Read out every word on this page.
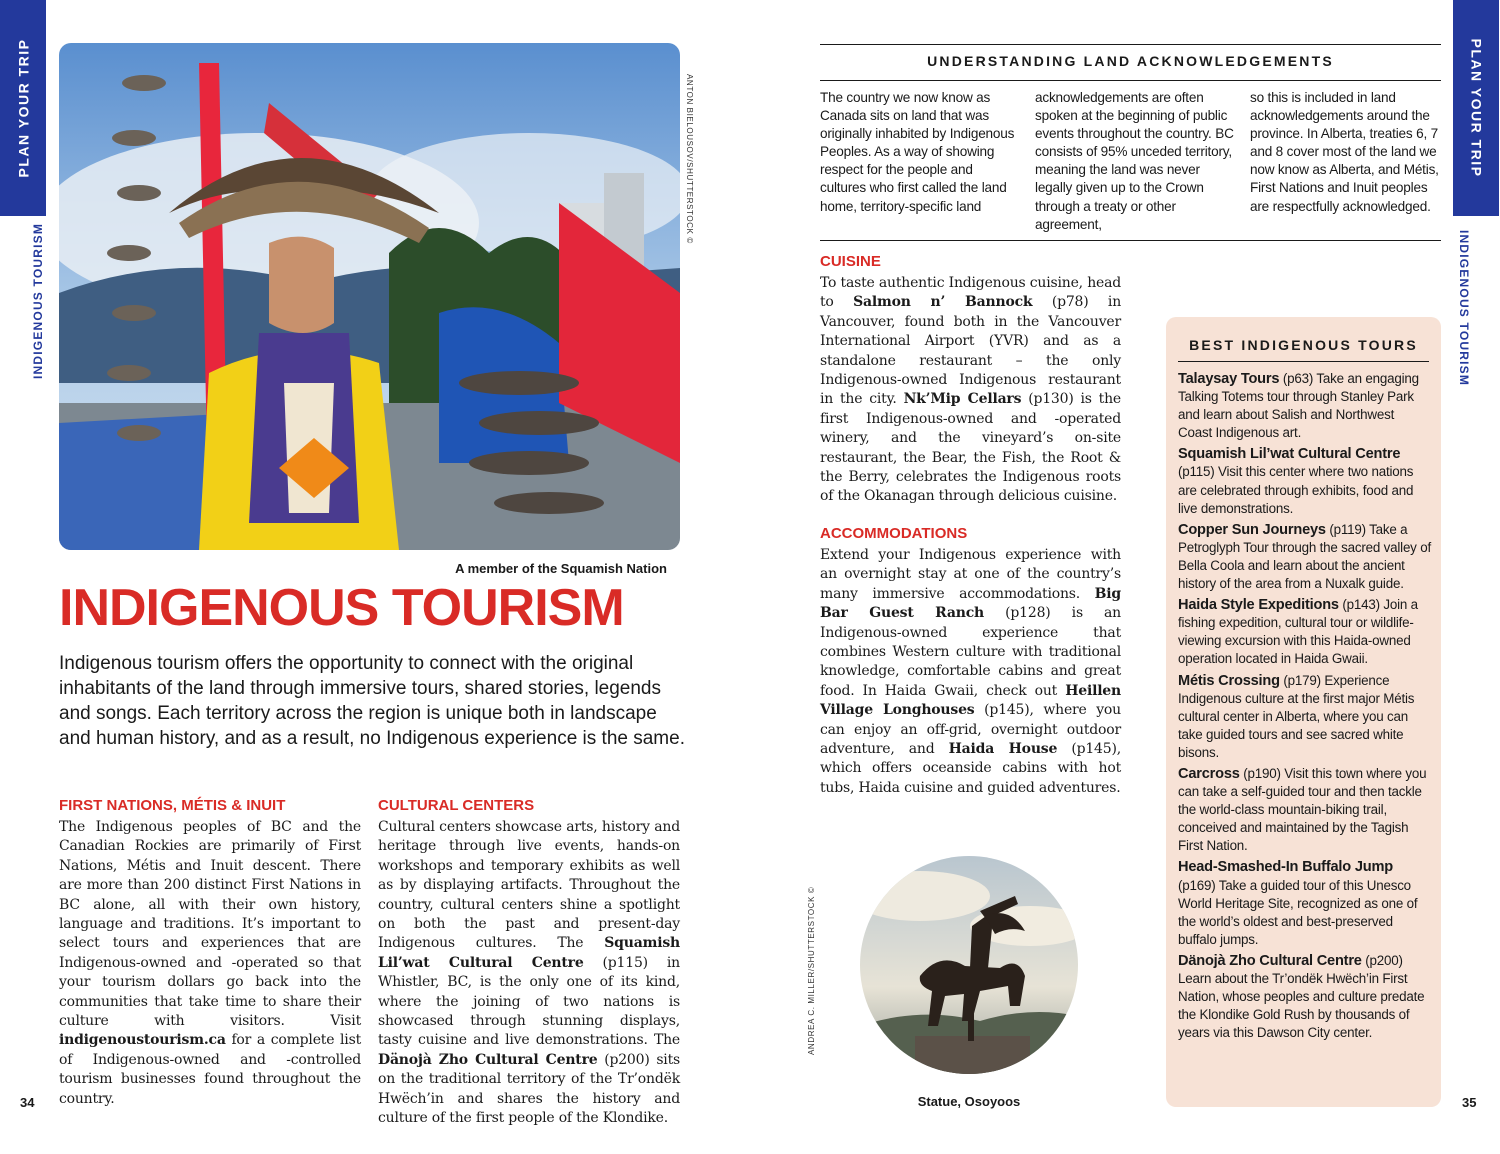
PLAN YOUR TRIP
INDIGENOUS TOURISM
ANTON BIELOUSOV/SHUTTERSTOCK ©
A member of the Squamish Nation
INDIGENOUS TOURISM
Indigenous tourism offers the opportunity to connect with the original inhabitants of the land through immersive tours, shared stories, legends and songs. Each territory across the region is unique both in landscape and human history, and as a result, no Indigenous experience is the same.
FIRST NATIONS, MÉTIS & INUIT
The Indigenous peoples of BC and the Canadian Rockies are primarily of First Nations, Métis and Inuit descent. There are more than 200 distinct First Nations in BC alone, all with their own history, language and traditions. It’s important to select tours and experiences that are Indigenous-owned and -operated so that your tourism dollars go back into the communities that take time to share their culture with visitors. Visit indigenoustourism.ca for a complete list of Indigenous-owned and -controlled tourism businesses found throughout the country.
CULTURAL CENTERS
Cultural centers showcase arts, history and heritage through live events, hands-on workshops and temporary exhibits as well as by displaying artifacts. Throughout the country, cultural centers shine a spotlight on both the past and present-day Indigenous cultures. The Squamish Lil’wat Cultural Centre (p115) in Whistler, BC, is the only one of its kind, where the joining of two nations is showcased through stunning displays, tasty cuisine and live demonstrations. The Dänojà Zho Cultural Centre (p200) sits on the traditional territory of the Tr’ondëk Hwëch’in and shares the history and culture of the first people of the Klondike.
34
UNDERSTANDING LAND ACKNOWLEDGEMENTS
The country we now know as Canada sits on land that was originally inhabited by Indigenous Peoples. As a way of showing respect for the people and cultures who first called the land home, territory-specific land
acknowledgements are often spoken at the beginning of public events throughout the country. BC consists of 95% unceded territory, meaning the land was never legally given up to the Crown through a treaty or other agreement,
so this is included in land acknowledgements around the province. In Alberta, treaties 6, 7 and 8 cover most of the land we now know as Alberta, and Métis, First Nations and Inuit peoples are respectfully acknowledged.
CUISINE
To taste authentic Indigenous cuisine, head to Salmon n’ Bannock (p78) in Vancouver, found both in the Vancouver International Airport (YVR) and as a standalone restaurant – the only Indigenous-owned Indigenous restaurant in the city. Nk’Mip Cellars (p130) is the first Indigenous-owned and -operated winery, and the vineyard’s on-site restaurant, the Bear, the Fish, the Root & the Berry, celebrates the Indigenous roots of the Okanagan through delicious cuisine.
ACCOMMODATIONS
Extend your Indigenous experience with an overnight stay at one of the country’s many immersive accommodations. Big Bar Guest Ranch (p128) is an Indigenous-owned experience that combines Western culture with traditional knowledge, comfortable cabins and great food. In Haida Gwaii, check out Heillen Village Longhouses (p145), where you can enjoy an off-grid, overnight outdoor adventure, and Haida House (p145), which offers oceanside cabins with hot tubs, Haida cuisine and guided adventures.
ANDREA C. MILLER/SHUTTERSTOCK ©
Statue, Osoyoos
BEST INDIGENOUS TOURS
Talaysay Tours (p63) Take an engaging Talking Totems tour through Stanley Park and learn about Salish and Northwest Coast Indigenous art.
Squamish Lil’wat Cultural Centre (p115) Visit this center where two nations are celebrated through exhibits, food and live demonstrations.
Copper Sun Journeys (p119) Take a Petroglyph Tour through the sacred valley of Bella Coola and learn about the ancient history of the area from a Nuxalk guide.
Haida Style Expeditions (p143) Join a fishing expedition, cultural tour or wildlife-viewing excursion with this Haida-owned operation located in Haida Gwaii.
Métis Crossing (p179) Experience Indigenous culture at the first major Métis cultural center in Alberta, where you can take guided tours and see sacred white bisons.
Carcross (p190) Visit this town where you can take a self-guided tour and then tackle the world-class mountain-biking trail, conceived and maintained by the Tagish First Nation.
Head-Smashed-In Buffalo Jump (p169) Take a guided tour of this Unesco World Heritage Site, recognized as one of the world’s oldest and best-preserved buffalo jumps.
Dänojà Zho Cultural Centre (p200) Learn about the Tr’ondëk Hwëch’in First Nation, whose peoples and culture predate the Klondike Gold Rush by thousands of years via this Dawson City center.
PLAN YOUR TRIP
INDIGENOUS TOURISM
35
